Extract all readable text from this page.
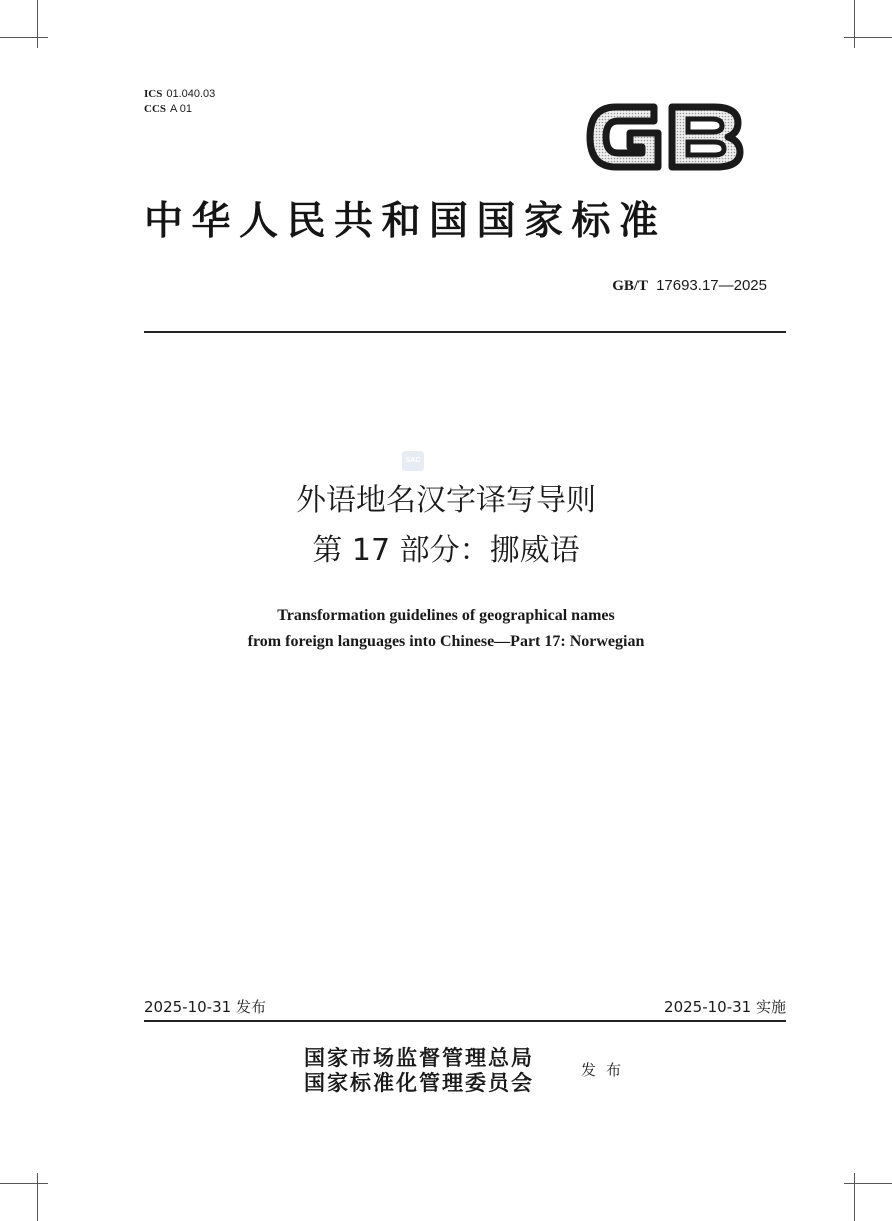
ICS 01.040.03
CCS A 01
中华人民共和国国家标准
GB/T 17693.17—2025
SAC
外语地名汉字译写导则
第 17 部分：挪威语
Transformation guidelines of geographical names
from foreign languages into Chinese—Part 17: Norwegian
2025-10-31 发布	2025-10-31 实施
国家市场监督管理总局
国家标准化管理委员会	发布
